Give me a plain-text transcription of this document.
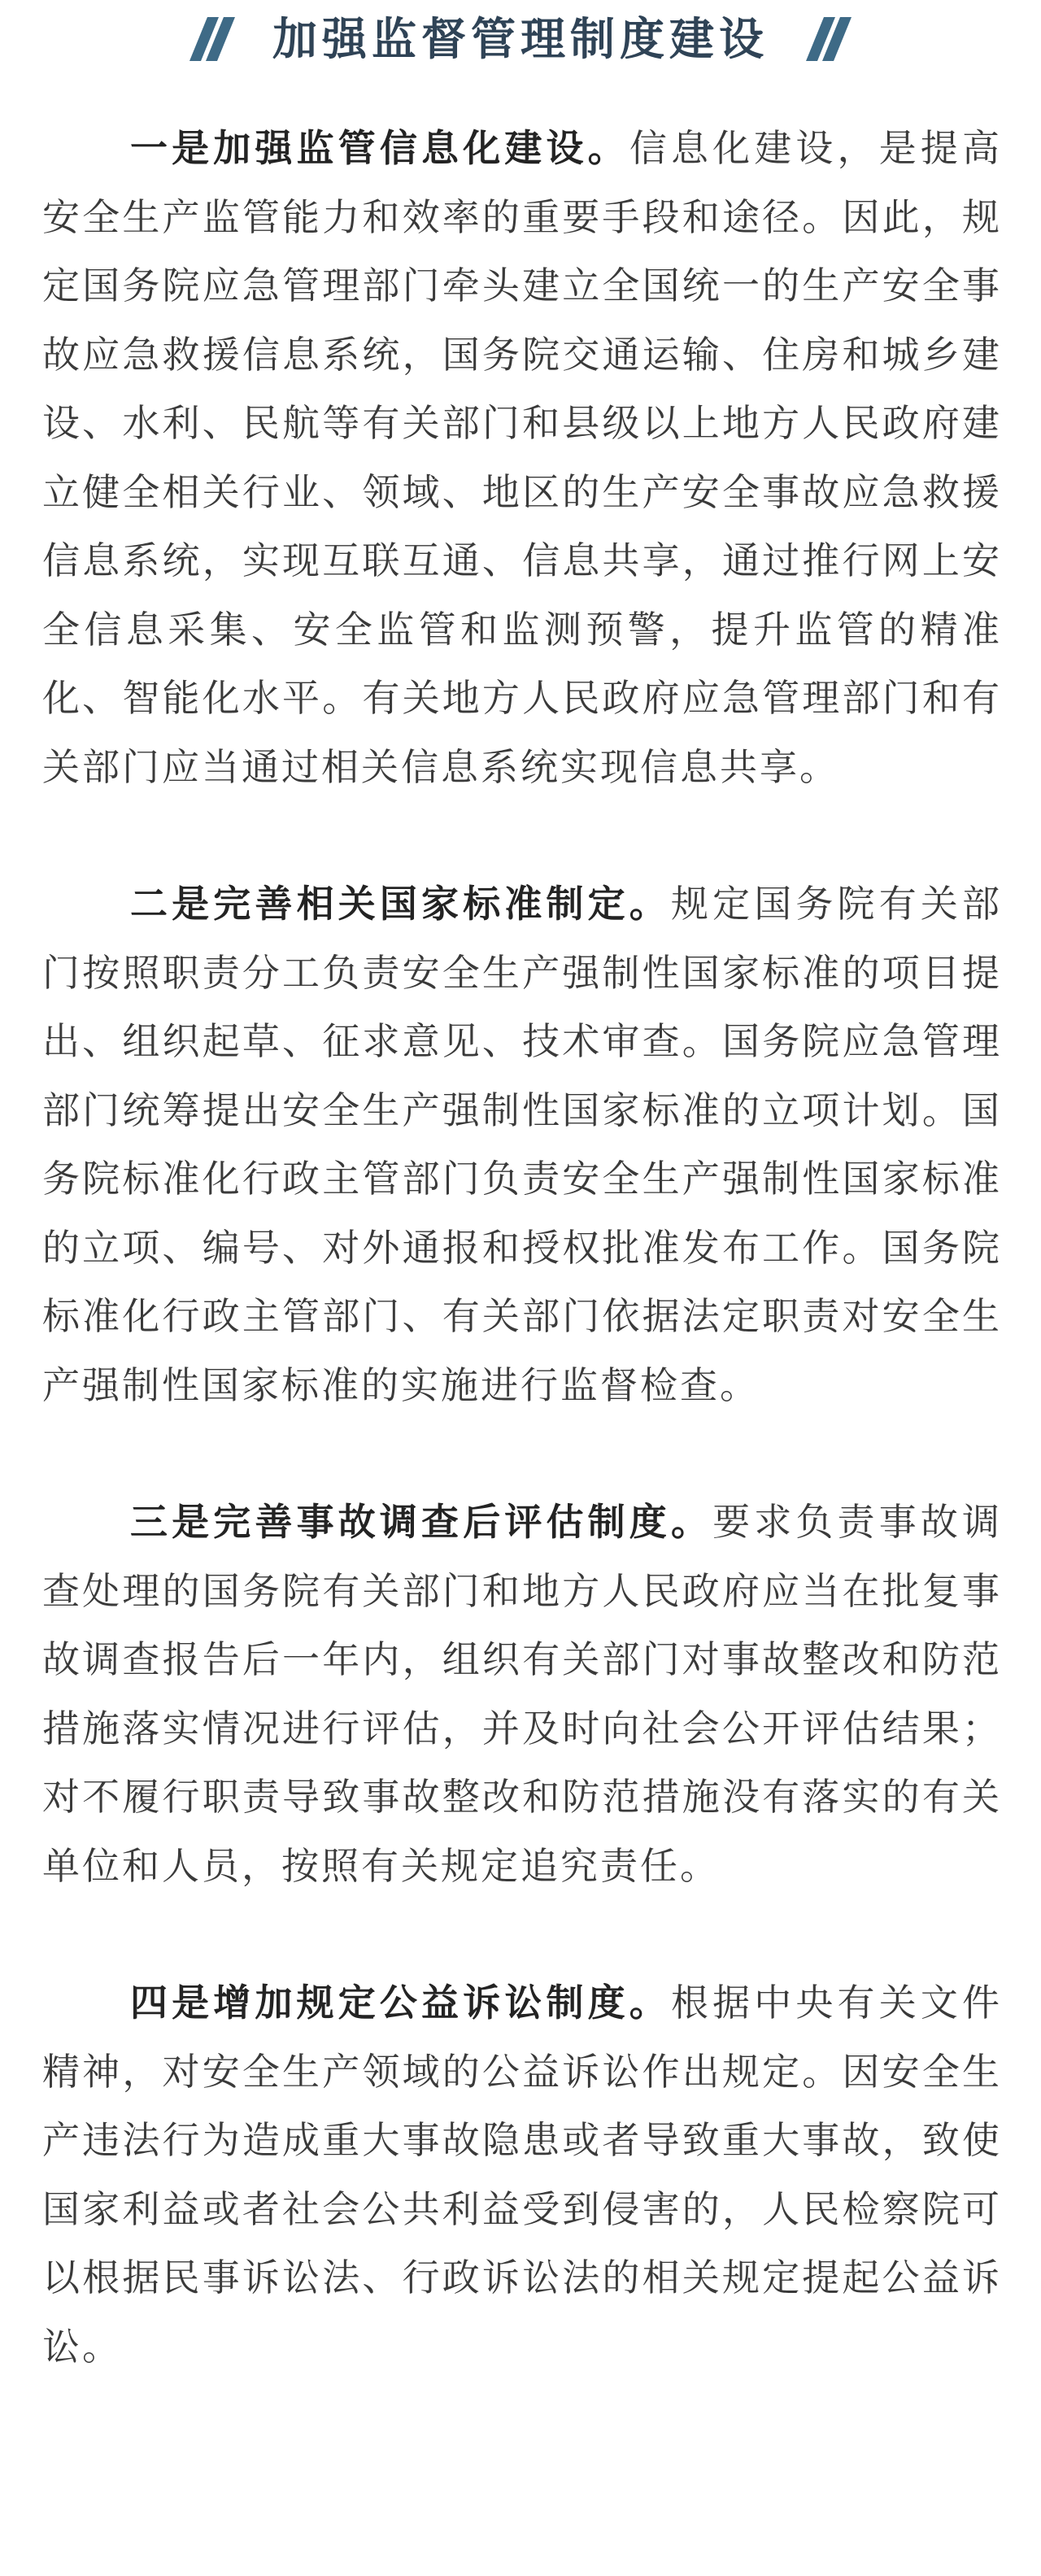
加强监督管理制度建设

一是加强监管信息化建设。信息化建设，是提高安全生产监管能力和效率的重要手段和途径。因此，规定国务院应急管理部门牵头建立全国统一的生产安全事故应急救援信息系统，国务院交通运输、住房和城乡建设、水利、民航等有关部门和县级以上地方人民政府建立健全相关行业、领域、地区的生产安全事故应急救援信息系统，实现互联互通、信息共享，通过推行网上安全信息采集、安全监管和监测预警，提升监管的精准化、智能化水平。有关地方人民政府应急管理部门和有关部门应当通过相关信息系统实现信息共享。

二是完善相关国家标准制定。规定国务院有关部门按照职责分工负责安全生产强制性国家标准的项目提出、组织起草、征求意见、技术审查。国务院应急管理部门统筹提出安全生产强制性国家标准的立项计划。国务院标准化行政主管部门负责安全生产强制性国家标准的立项、编号、对外通报和授权批准发布工作。国务院标准化行政主管部门、有关部门依据法定职责对安全生产强制性国家标准的实施进行监督检查。

三是完善事故调查后评估制度。要求负责事故调查处理的国务院有关部门和地方人民政府应当在批复事故调查报告后一年内，组织有关部门对事故整改和防范措施落实情况进行评估，并及时向社会公开评估结果；对不履行职责导致事故整改和防范措施没有落实的有关单位和人员，按照有关规定追究责任。

四是增加规定公益诉讼制度。根据中央有关文件精神，对安全生产领域的公益诉讼作出规定。因安全生产违法行为造成重大事故隐患或者导致重大事故，致使国家利益或者社会公共利益受到侵害的，人民检察院可以根据民事诉讼法、行政诉讼法的相关规定提起公益诉讼。
